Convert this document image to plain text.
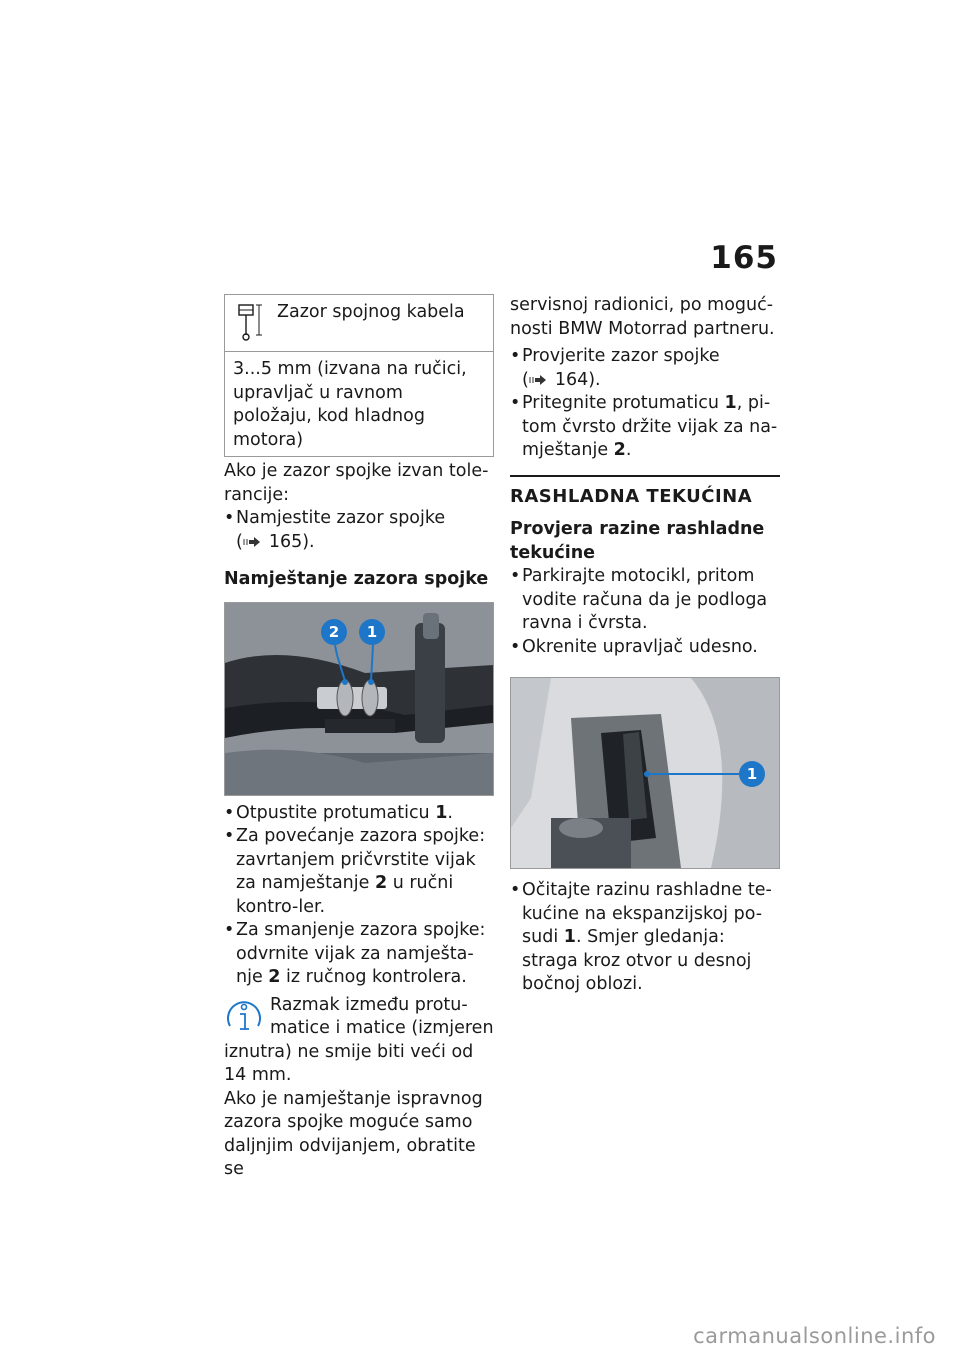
165
Zazor spojnog kabela
3...5 mm (izvana na ručici, upravljač u ravnom položaju, kod hladnog motora)

Ako je zazor spojke izvan tole-rancije:

• Namjestite zazor spojke
( 165).

Namještanje zazora spojke

2	1
• Otpustite protumaticu 1.
• Za povećanje zazora spojke: zavrtanjem pričvrstite vijak za namještanje 2 u ručni kontro-ler.
• Za smanjenje zazora spojke: odvrnite vijak za namješta-nje 2 iz ručnog kontrolera.

Razmak između protu-matice i matice (izmjeren

iznutra) ne smije biti veći od 14 mm.

Ako je namještanje ispravnog zazora spojke moguće samo daljnjim odvijanjem, obratite se

servisnoj radionici, po moguć-nosti BMW Motorrad partneru.

• Provjerite zazor spojke
( 164).
• Pritegnite protumaticu 1, pi-tom čvrsto držite vijak za na-mještanje 2.

RASHLADNA TEKUĆINA

Provjera razine rashladne tekućine

• Parkirajte motocikl, pritom vodite računa da je podloga ravna i čvrsta.
• Okrenite upravljač udesno.
1
• Očitajte razinu rashladne te-kućine na ekspanzijskoj po-sudi 1. Smjer gledanja: straga kroz otvor u desnoj bočnoj oblozi.
carmanualsonline.info
